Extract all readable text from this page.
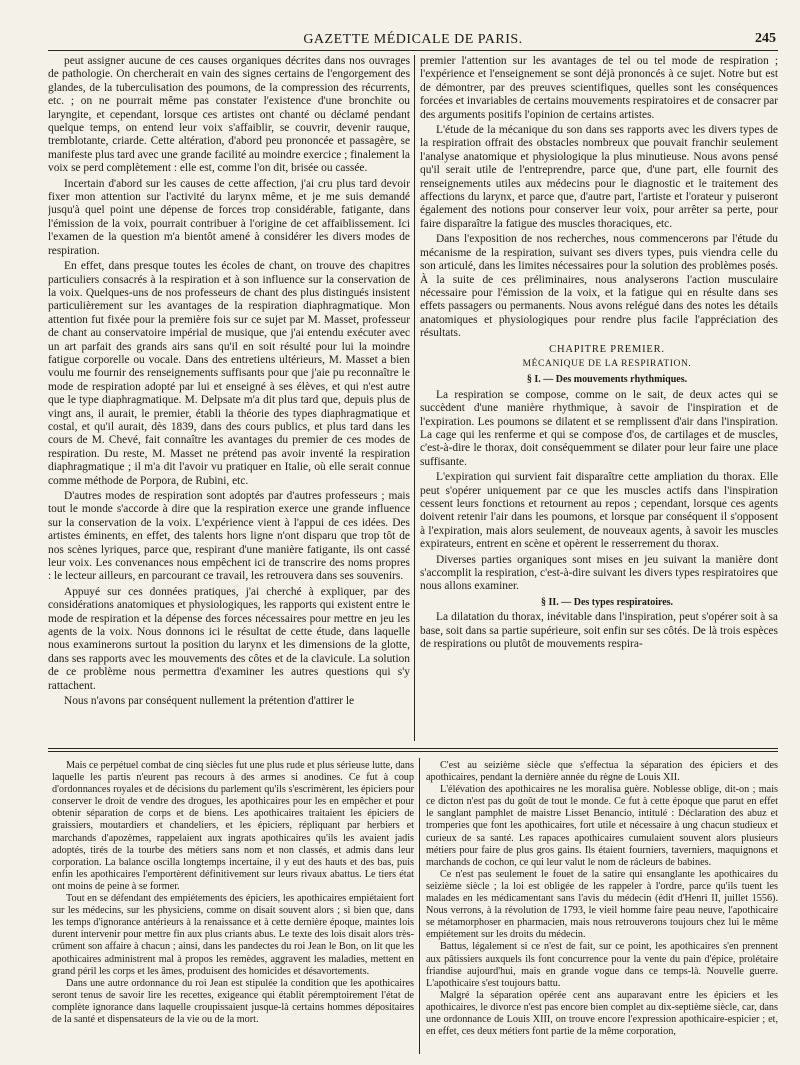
GAZETTE MÉDICALE DE PARIS.	245

peut assigner aucune de ces causes organiques décrites dans nos ouvrages de pathologie. On chercherait en vain des signes certains de l'engorgement des glandes, de la tuberculisation des poumons, de la compression des récurrents, etc. ; on ne pourrait même pas constater l'existence d'une bronchite ou laryngite, et cependant, lorsque ces artistes ont chanté ou déclamé pendant quelque temps, on entend leur voix s'affaiblir, se couvrir, devenir rauque, tremblotante, criarde. Cette altération, d'abord peu prononcée et passagère, se manifeste plus tard avec une grande facilité au moindre exercice ; finalement la voix se perd complètement : elle est, comme l'on dit, brisée ou cassée.

Incertain d'abord sur les causes de cette affection, j'ai cru plus tard devoir fixer mon attention sur l'activité du larynx même, et je me suis demandé jusqu'à quel point une dépense de forces trop considérable, fatigante, dans l'émission de la voix, pourrait contribuer à l'origine de cet affaiblissement. Ici l'examen de la question m'a bientôt amené à considérer les divers modes de respiration.

En effet, dans presque toutes les écoles de chant, on trouve des chapitres particuliers consacrés à la respiration et à son influence sur la conservation de la voix. Quelques-uns de nos professeurs de chant des plus distingués insistent particulièrement sur les avantages de la respiration diaphragmatique. Mon attention fut fixée pour la première fois sur ce sujet par M. Masset, professeur de chant au conservatoire impérial de musique, que j'ai entendu exécuter avec un art parfait des grands airs sans qu'il en soit résulté pour lui la moindre fatigue corporelle ou vocale. Dans des entretiens ultérieurs, M. Masset a bien voulu me fournir des renseignements suffisants pour que j'aie pu reconnaître le mode de respiration adopté par lui et enseigné à ses élèves, et qui n'est autre que le type diaphragmatique. M. Delpsate m'a dit plus tard que, depuis plus de vingt ans, il aurait, le premier, établi la théorie des types diaphragmatique et costal, et qu'il aurait, dès 1839, dans des cours publics, et plus tard dans les cours de M. Chevé, fait connaître les avantages du premier de ces modes de respiration. Du reste, M. Masset ne prétend pas avoir inventé la respiration diaphragmatique ; il m'a dit l'avoir vu pratiquer en Italie, où elle serait connue comme méthode de Porpora, de Rubini, etc.

D'autres modes de respiration sont adoptés par d'autres professeurs ; mais tout le monde s'accorde à dire que la respiration exerce une grande influence sur la conservation de la voix. L'expérience vient à l'appui de ces idées. Des artistes éminents, en effet, des talents hors ligne n'ont disparu que trop tôt de nos scènes lyriques, parce que, respirant d'une manière fatigante, ils ont cassé leur voix. Les convenances nous empêchent ici de transcrire des noms propres : le lecteur ailleurs, en parcourant ce travail, les retrouvera dans ses souvenirs.

Appuyé sur ces données pratiques, j'ai cherché à expliquer, par des considérations anatomiques et physiologiques, les rapports qui existent entre le mode de respiration et la dépense des forces nécessaires pour mettre en jeu les agents de la voix. Nous donnons ici le résultat de cette étude, dans laquelle nous examinerons surtout la position du larynx et les dimensions de la glotte, dans ses rapports avec les mouvements des côtes et de la clavicule. La solution de ce problème nous permettra d'examiner les autres questions qui s'y rattachent.

Nous n'avons par conséquent nullement la prétention d'attirer le

premier l'attention sur les avantages de tel ou tel mode de respiration ; l'expérience et l'enseignement se sont déjà prononcés à ce sujet. Notre but est de démontrer, par des preuves scientifiques, quelles sont les conséquences forcées et invariables de certains mouvements respiratoires et de consacrer par des arguments positifs l'opinion de certains artistes.

L'étude de la mécanique du son dans ses rapports avec les divers types de la respiration offrait des obstacles nombreux que pouvait franchir seulement l'analyse anatomique et physiologique la plus minutieuse. Nous avons pensé qu'il serait utile de l'entreprendre, parce que, d'une part, elle fournit des renseignements utiles aux médecins pour le diagnostic et le traitement des affections du larynx, et parce que, d'autre part, l'artiste et l'orateur y puiseront également des notions pour conserver leur voix, pour arrêter sa perte, pour faire disparaître la fatigue des muscles thoraciques, etc.

Dans l'exposition de nos recherches, nous commencerons par l'étude du mécanisme de la respiration, suivant ses divers types, puis viendra celle du son articulé, dans les limites nécessaires pour la solution des problèmes posés. À la suite de ces préliminaires, nous analyserons l'action musculaire nécessaire pour l'émission de la voix, et la fatigue qui en résulte dans ses effets passagers ou permanents. Nous avons relégué dans des notes les détails anatomiques et physiologiques pour rendre plus facile l'appréciation des résultats.

CHAPITRE PREMIER.

MÉCANIQUE DE LA RESPIRATION.

§ I. — Des mouvements rhythmiques.

La respiration se compose, comme on le sait, de deux actes qui se succèdent d'une manière rhythmique, à savoir de l'inspiration et de l'expiration. Les poumons se dilatent et se remplissent d'air dans l'inspiration. La cage qui les renferme et qui se compose d'os, de cartilages et de muscles, c'est-à-dire le thorax, doit conséquemment se dilater pour leur faire une place suffisante.

L'expiration qui survient fait disparaître cette ampliation du thorax. Elle peut s'opérer uniquement par ce que les muscles actifs dans l'inspiration cessent leurs fonctions et retournent au repos ; cependant, lorsque ces agents doivent retenir l'air dans les poumons, et lorsque par conséquent il s'opposent à l'expiration, mais alors seulement, de nouveaux agents, à savoir les muscles expirateurs, entrent en scène et opèrent le resserrement du thorax.

Diverses parties organiques sont mises en jeu suivant la manière dont s'accomplit la respiration, c'est-à-dire suivant les divers types respiratoires que nous allons examiner.

§ II. — Des types respiratoires.

La dilatation du thorax, inévitable dans l'inspiration, peut s'opérer soit à sa base, soit dans sa partie supérieure, soit enfin sur ses côtés. De là trois espèces de respirations ou plutôt de mouvements respira-

Mais ce perpétuel combat de cinq siècles fut une plus rude et plus sérieuse lutte, dans laquelle les partis n'eurent pas recours à des armes si anodines. Ce fut à coup d'ordonnances royales et de décisions du parlement qu'ils s'escrimèrent, les épiciers pour conserver le droit de vendre des drogues, les apothicaires pour les en empêcher et pour obtenir séparation de corps et de biens. Les apothicaires traitaient les épiciers de graissiers, moutardiers et chandeliers, et les épiciers, répliquant par herbiers et marchands d'apozèmes, rappelaient aux ingrats apothicaires qu'ils les avaient jadis adoptés, tirés de la tourbe des métiers sans nom et non classés, et admis dans leur corporation. La balance oscilla longtemps incertaine, il y eut des hauts et des bas, puis enfin les apothicaires l'emportèrent définitivement sur leurs rivaux abattus. Le tiers état ont moins de peine à se former.

Tout en se défendant des empiétements des épiciers, les apothicaires empiétaient fort sur les médecins, sur les physiciens, comme on disait souvent alors ; si bien que, dans les temps d'ignorance antérieurs à la renaissance et à cette dernière époque, maintes lois durent intervenir pour mettre fin aux plus criants abus. Le texte des lois disait alors très-crûment son affaire à chacun ; ainsi, dans les pandectes du roi Jean le Bon, on lit que les apothicaires administrent mal à propos les remèdes, aggravent les maladies, mettent en grand péril les corps et les âmes, produisent des homicides et désavortements.

Dans une autre ordonnance du roi Jean est stipulée la condition que les apothicaires seront tenus de savoir lire les recettes, exigeance qui établit péremptoirement l'état de complète ignorance dans laquelle croupissaient jusque-là certains hommes dépositaires de la santé et dispensateurs de la vie ou de la mort.

C'est au seizième siècle que s'effectua la séparation des épiciers et des apothicaires, pendant la dernière année du règne de Louis XII.

L'élévation des apothicaires ne les moralisa guère. Noblesse oblige, dit-on ; mais ce dicton n'est pas du goût de tout le monde. Ce fut à cette époque que parut en effet le sanglant pamphlet de maistre Lisset Benancio, intitulé : Déclaration des abuz et tromperies que font les apothicaires, fort utile et nécessaire à ung chacun studieux et curieux de sa santé. Les rapaces apothicaires cumulaient souvent alors plusieurs métiers pour faire de plus gros gains. Ils étaient fourniers, taverniers, maquignons et marchands de cochon, ce qui leur valut le nom de rácleurs de babines.

Ce n'est pas seulement le fouet de la satire qui ensanglante les apothicaires du seizième siècle ; la loi est obligée de les rappeler à l'ordre, parce qu'ils tuent les malades en les médicamentant sans l'avis du médecin (édit d'Henri II, juillet 1556). Nous verrons, à la révolution de 1793, le vieil homme faire peau neuve, l'apothicaire se métamorphoser en pharmacien, mais nous retrouverons toujours chez lui le même empiétement sur les droits du médecin.

Battus, légalement si ce n'est de fait, sur ce point, les apothicaires s'en prennent aux pâtissiers auxquels ils font concurrence pour la vente du pain d'épice, prolétaire friandise aujourd'hui, mais en grande vogue dans ce temps-là. Nouvelle guerre. L'apothicaire s'est toujours battu.

Malgré la séparation opérée cent ans auparavant entre les épiciers et les apothicaires, le divorce n'est pas encore bien complet au dix-septième siècle, car, dans une ordonnance de Louis XIII, on trouve encore l'expression apothicaire-espicier ; et, en effet, ces deux métiers font partie de la même corporation,
